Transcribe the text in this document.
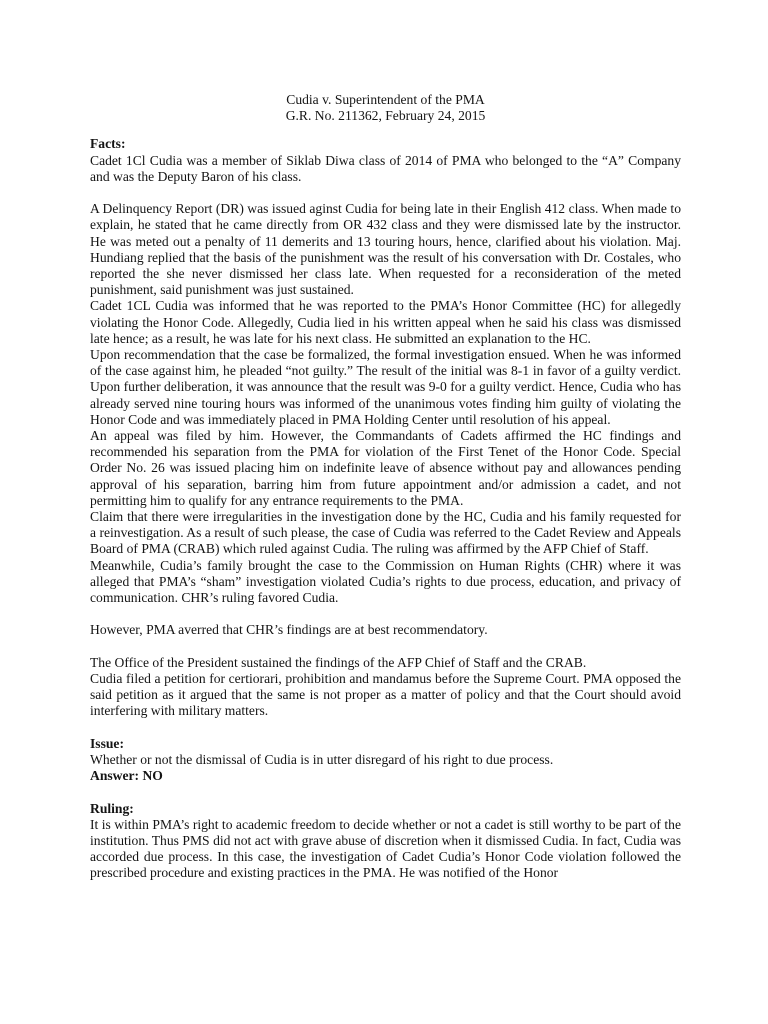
Cudia v. Superintendent of the PMA
G.R. No. 211362, February 24, 2015

Facts:

Cadet 1Cl Cudia was a member of Siklab Diwa class of 2014 of PMA who belonged to the “A” Company and was the Deputy Baron of his class.

A Delinquency Report (DR) was issued aginst Cudia for being late in their English 412 class. When made to explain, he stated that he came directly from OR 432 class and they were dismissed late by the instructor. He was meted out a penalty of 11 demerits and 13 touring hours, hence, clarified about his violation. Maj. Hundiang replied that the basis of the punishment was the result of his conversation with Dr. Costales, who reported the she never dismissed her class late. When requested for a reconsideration of the meted punishment, said punishment was just sustained.

Cadet 1CL Cudia was informed that he was reported to the PMA’s Honor Committee (HC) for allegedly violating the Honor Code. Allegedly, Cudia lied in his written appeal when he said his class was dismissed late hence; as a result, he was late for his next class. He submitted an explanation to the HC.

Upon recommendation that the case be formalized, the formal investigation ensued. When he was informed of the case against him, he pleaded “not guilty.” The result of the initial was 8-1 in favor of a guilty verdict. Upon further deliberation, it was announce that the result was 9-0 for a guilty verdict. Hence, Cudia who has already served nine touring hours was informed of the unanimous votes finding him guilty of violating the Honor Code and was immediately placed in PMA Holding Center until resolution of his appeal.

An appeal was filed by him. However, the Commandants of Cadets affirmed the HC findings and recommended his separation from the PMA for violation of the First Tenet of the Honor Code. Special Order No. 26 was issued placing him on indefinite leave of absence without pay and allowances pending approval of his separation, barring him from future appointment and/or admission a cadet, and not permitting him to qualify for any entrance requirements to the PMA.

Claim that there were irregularities in the investigation done by the HC, Cudia and his family requested for a reinvestigation. As a result of such please, the case of Cudia was referred to the Cadet Review and Appeals Board of PMA (CRAB) which ruled against Cudia. The ruling was affirmed by the AFP Chief of Staff.

Meanwhile, Cudia’s family brought the case to the Commission on Human Rights (CHR) where it was alleged that PMA’s “sham” investigation violated Cudia’s rights to due process, education, and privacy of communication. CHR’s ruling favored Cudia.

However, PMA averred that CHR’s findings are at best recommendatory.

The Office of the President sustained the findings of the AFP Chief of Staff and the CRAB.

Cudia filed a petition for certiorari, prohibition and mandamus before the Supreme Court. PMA opposed the said petition as it argued that the same is not proper as a matter of policy and that the Court should avoid interfering with military matters.

Issue:

Whether or not the dismissal of Cudia is in utter disregard of his right to due process.

Answer: NO

Ruling:

It is within PMA’s right to academic freedom to decide whether or not a cadet is still worthy to be part of the institution. Thus PMS did not act with grave abuse of discretion when it dismissed Cudia. In fact, Cudia was accorded due process. In this case, the investigation of Cadet Cudia’s Honor Code violation followed the prescribed procedure and existing practices in the PMA. He was notified of the Honor
